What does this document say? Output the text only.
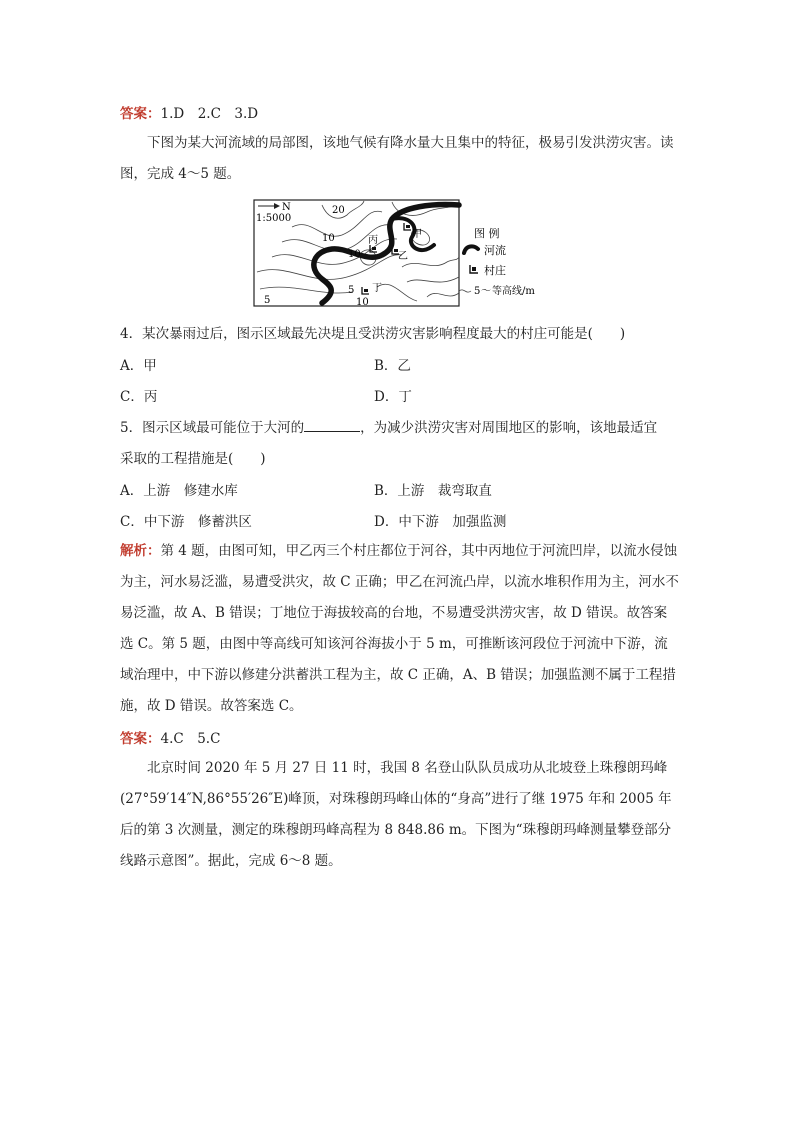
答案：1.D　2.C　3.D
下图为某大河流域的局部图，该地气候有降水量大且集中的特征，极易引发洪涝灾害。读图，完成 4～5 题。
N
1:5000
20
10
10
5
5	10
甲
乙
丙
丁
图 例
河流
村庄
5 ～ 等高线/m
4．某次暴雨过后，图示区域最先决堤且受洪涝灾害影响程度最大的村庄可能是(　　)
A．甲	B．乙
C．丙	D．丁
5．图示区域最可能位于大河的	，为减少洪涝灾害对周围地区的影响，该地最适宜
采取的工程措施是(　　)
A．上游　修建水库	B．上游　裁弯取直
C．中下游　修蓄洪区	D．中下游　加强监测
解析：第 4 题，由图可知，甲乙丙三个村庄都位于河谷，其中丙地位于河流凹岸，以流水侵蚀为主，河水易泛滥，易遭受洪灾，故 C 正确；甲乙在河流凸岸，以流水堆积作用为主，河水不易泛滥，故 A、B 错误；丁地位于海拔较高的台地，不易遭受洪涝灾害，故 D 错误。故答案选 C。第 5 题，由图中等高线可知该河谷海拔小于 5 m，可推断该河段位于河流中下游，流域治理中，中下游以修建分洪蓄洪工程为主，故 C 正确，A、B 错误；加强监测不属于工程措施，故 D 错误。故答案选 C。
答案：4.C　5.C
北京时间 2020 年 5 月 27 日 11 时，我国 8 名登山队队员成功从北坡登上珠穆朗玛峰(27°59′14″N,86°55′26″E)峰顶，对珠穆朗玛峰山体的“身高”进行了继 1975 年和 2005 年后的第 3 次测量，测定的珠穆朗玛峰高程为 8 848.86 m。下图为“珠穆朗玛峰测量攀登部分线路示意图”。据此，完成 6～8 题。
